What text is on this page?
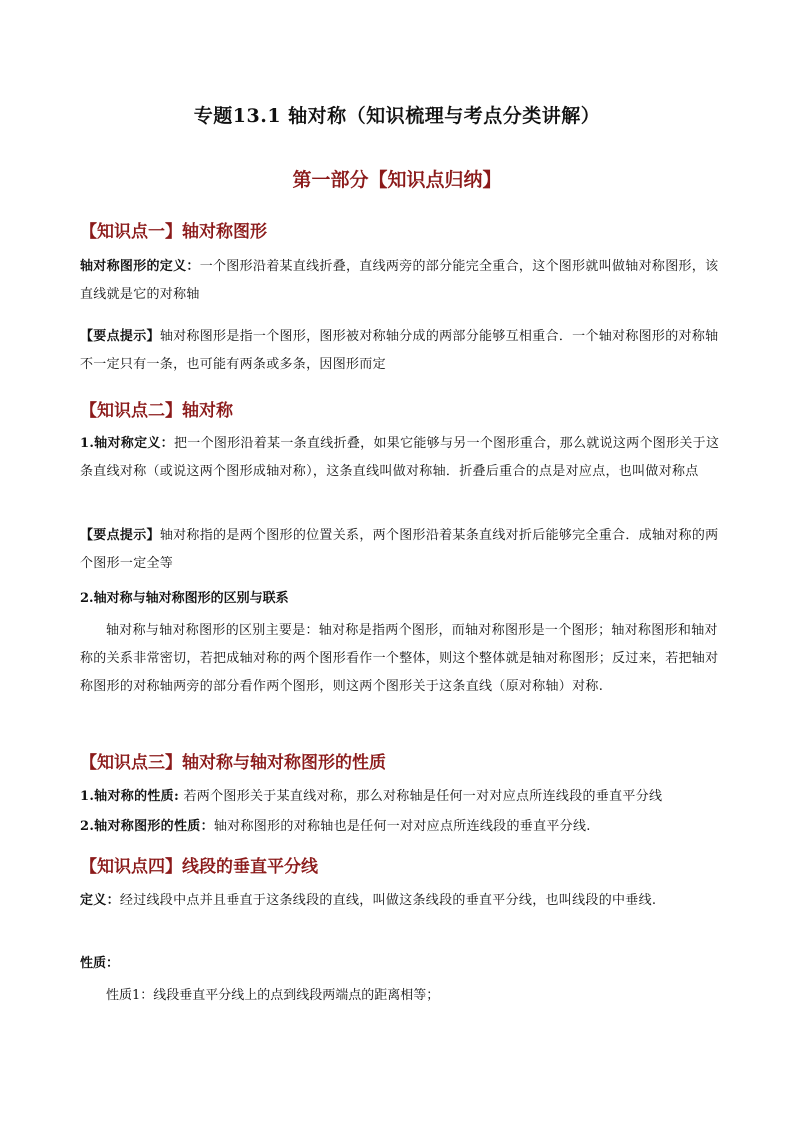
专题13.1 轴对称（知识梳理与考点分类讲解）
第一部分【知识点归纳】
【知识点一】轴对称图形
轴对称图形的定义：一个图形沿着某直线折叠，直线两旁的部分能完全重合，这个图形就叫做轴对称图形，该直线就是它的对称轴
【要点提示】轴对称图形是指一个图形，图形被对称轴分成的两部分能够互相重合．一个轴对称图形的对称轴不一定只有一条，也可能有两条或多条，因图形而定
【知识点二】轴对称
1.轴对称定义：把一个图形沿着某一条直线折叠，如果它能够与另一个图形重合，那么就说这两个图形关于这条直线对称（或说这两个图形成轴对称），这条直线叫做对称轴．折叠后重合的点是对应点，也叫做对称点
【要点提示】轴对称指的是两个图形的位置关系，两个图形沿着某条直线对折后能够完全重合．成轴对称的两个图形一定全等
2.轴对称与轴对称图形的区别与联系
轴对称与轴对称图形的区别主要是：轴对称是指两个图形，而轴对称图形是一个图形；轴对称图形和轴对称的关系非常密切，若把成轴对称的两个图形看作一个整体，则这个整体就是轴对称图形；反过来，若把轴对称图形的对称轴两旁的部分看作两个图形，则这两个图形关于这条直线（原对称轴）对称.
【知识点三】轴对称与轴对称图形的性质
1.轴对称的性质: 若两个图形关于某直线对称，那么对称轴是任何一对对应点所连线段的垂直平分线
2.轴对称图形的性质：轴对称图形的对称轴也是任何一对对应点所连线段的垂直平分线.
【知识点四】线段的垂直平分线
定义：经过线段中点并且垂直于这条线段的直线，叫做这条线段的垂直平分线，也叫线段的中垂线.
性质：
性质1：线段垂直平分线上的点到线段两端点的距离相等；
